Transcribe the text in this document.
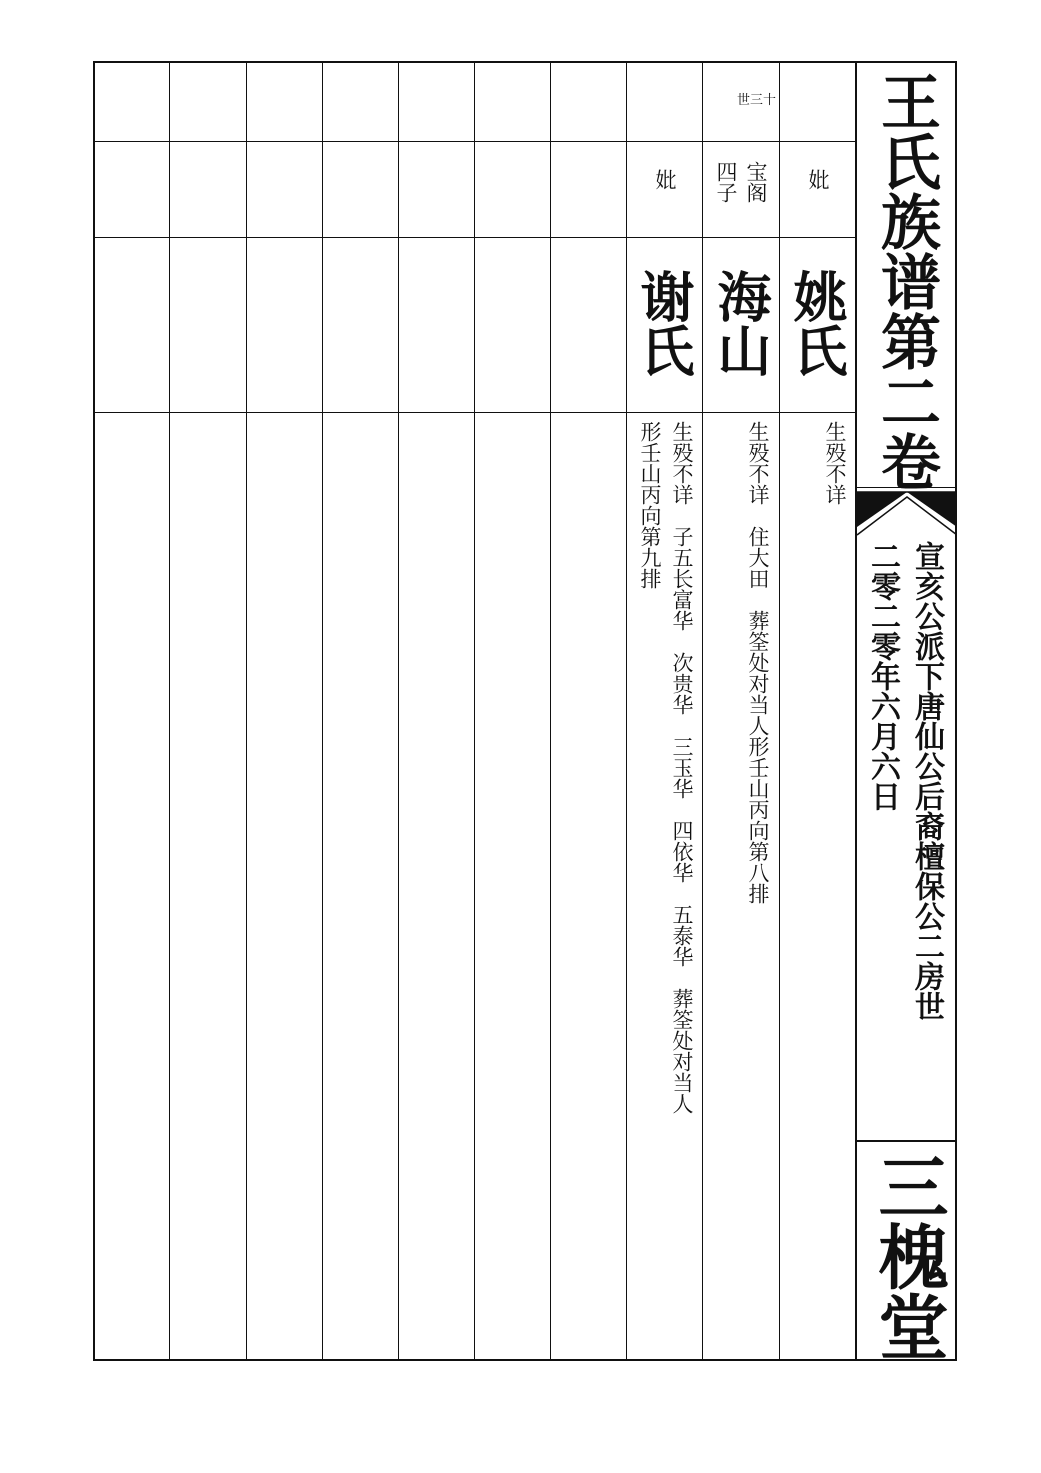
妣
姚氏
生殁不详
世三十
宝阁
四子
海山
生殁不详　住大田　葬筌处对当人形壬山丙向第八排
妣
谢氏
生殁不详　子五长富华　次贵华　三玉华　四依华　五泰华　葬筌处对当人
形壬山丙向第九排
王氏族谱第二卷
宣亥公派下唐仙公后裔檀保公二房世
二零二零年六月六日
三槐堂
